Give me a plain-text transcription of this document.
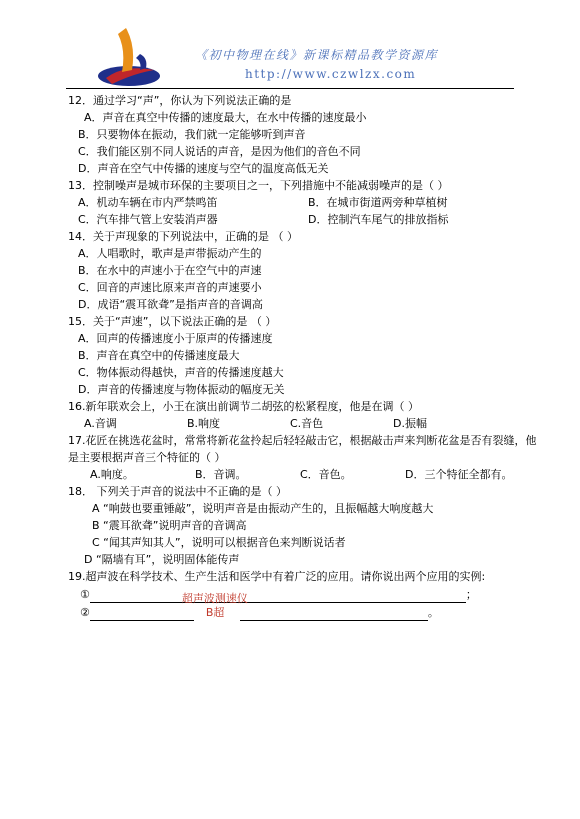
《初中物理在线》新课标精品教学资源库
http://www.czwlzx.com
12．通过学习“声”，你认为下列说法正确的是
A．声音在真空中传播的速度最大，在水中传播的速度最小
B．只要物体在振动，我们就一定能够听到声音
C．我们能区别不同人说话的声音，是因为他们的音色不同
D．声音在空气中传播的速度与空气的温度高低无关
13．控制噪声是城市环保的主要项目之一，下列措施中不能减弱噪声的是（ ）
A．机动车辆在市内严禁鸣笛	B．在城市街道两旁种草植树
C．汽车排气管上安装消声器	D．控制汽车尾气的排放指标
14．关于声现象的下列说法中，正确的是 （ ）
A．人唱歌时，歌声是声带振动产生的
B．在水中的声速小于在空气中的声速
C．回音的声速比原来声音的声速要小
D．成语“震耳欲聋”是指声音的音调高
15．关于“声速”，以下说法正确的是 （ ）
A．回声的传播速度小于原声的传播速度
B．声音在真空中的传播速度最大
C．物体振动得越快，声音的传播速度越大
D．声音的传播速度与物体振动的幅度无关
16.新年联欢会上，小王在演出前调节二胡弦的松紧程度，他是在调（ ）
A.音调	B.响度	C.音色	D.振幅
17.花匠在挑选花盆时，常常将新花盆拎起后轻轻敲击它，根据敲击声来判断花盆是否有裂缝，他是主要根据声音三个特征的（ ）
A.响度。	B．音调。	C．音色。	D．三个特征全都有。
18． 下列关于声音的说法中不正确的是（ ）
A “响鼓也要重锤敲”，说明声音是由振动产生的，且振幅越大响度越大
B “震耳欲聋”说明声音的音调高
C “闻其声知其人”，说明可以根据音色来判断说话者
D “隔墙有耳”，说明固体能传声
19.超声波在科学技术、生产生活和医学中有着广泛的应用。请你说出两个应用的实例:
①	超声波测速仪	；
②	B超	。
